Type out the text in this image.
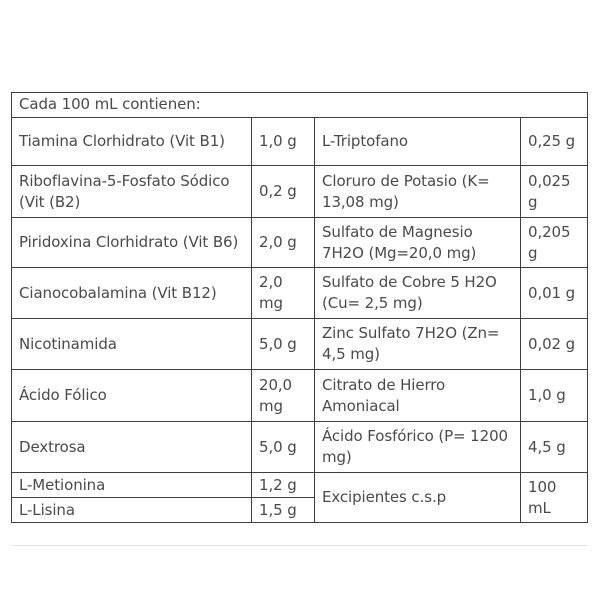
Cada 100 mL contienen:			
Tiamina Clorhidrato (Vit B1)	1,0 g	L-Triptofano	0,25 g
Riboflavina-5-Fosfato Sódico (Vit (B2)	0,2 g	Cloruro de Potasio (K= 13,08 mg)	0,025 g
Piridoxina Clorhidrato (Vit B6)	2,0 g	Sulfato de Magnesio 7H2O (Mg=20,0 mg)	0,205 g
Cianocobalamina (Vit B12)	2,0 mg	Sulfato de Cobre 5 H2O (Cu= 2,5 mg)	0,01 g
Nicotinamida	5,0 g	Zinc Sulfato 7H2O (Zn= 4,5 mg)	0,02 g
Ácido Fólico	20,0 mg	Citrato de Hierro Amoniacal	1,0 g
Dextrosa	5,0 g	Ácido Fosfórico (P= 1200 mg)	4,5 g
L-Metionina	1,2 g	Excipientes c.s.p	100 mL
L-Lisina	1,5 g		
